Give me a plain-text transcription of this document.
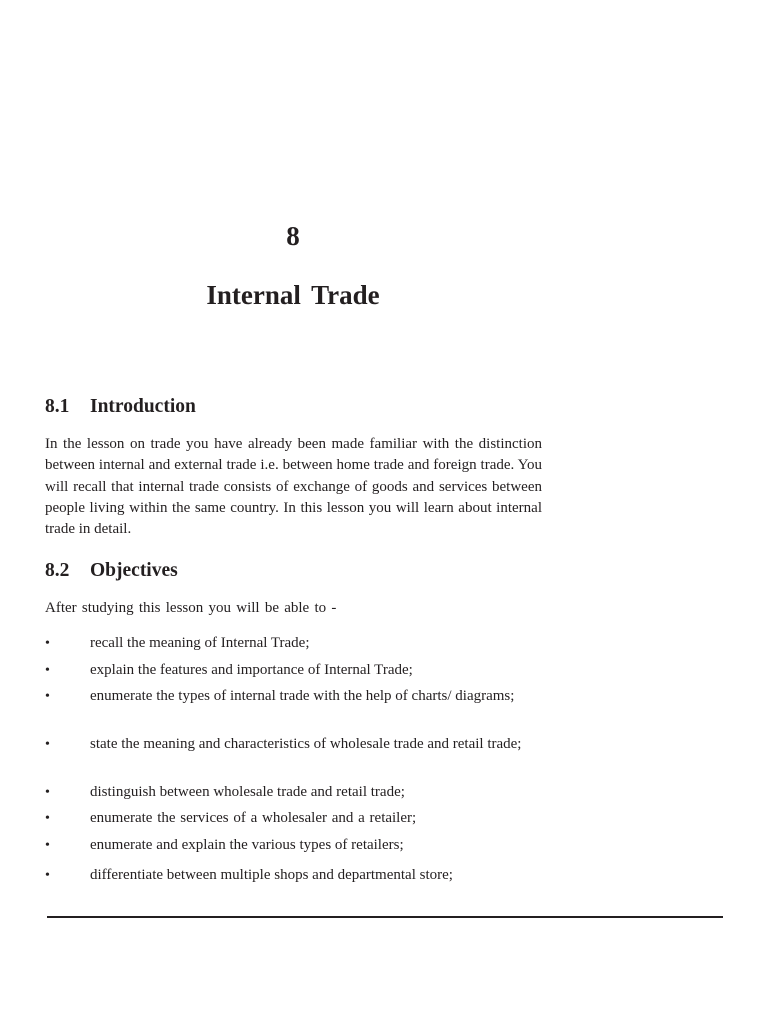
8
Internal Trade
8.1 Introduction

In the lesson on trade you have already been made familiar with the distinction between internal and external trade i.e. between home trade and foreign trade. You will recall that internal trade consists of exchange of goods and services between people living within the same country. In this lesson you will learn about internal trade in detail.

8.2 Objectives

After studying this lesson you will be able to -

•	recall the meaning of Internal Trade;
•	explain the features and importance of Internal Trade;
•	enumerate the types of internal trade with the help of charts/ diagrams;
•	state the meaning and characteristics of wholesale trade and retail trade;
•	distinguish between wholesale trade and retail trade;
•	enumerate the services of a wholesaler and a retailer;
•	enumerate and explain the various types of retailers;
•	differentiate between multiple shops and departmental store;
